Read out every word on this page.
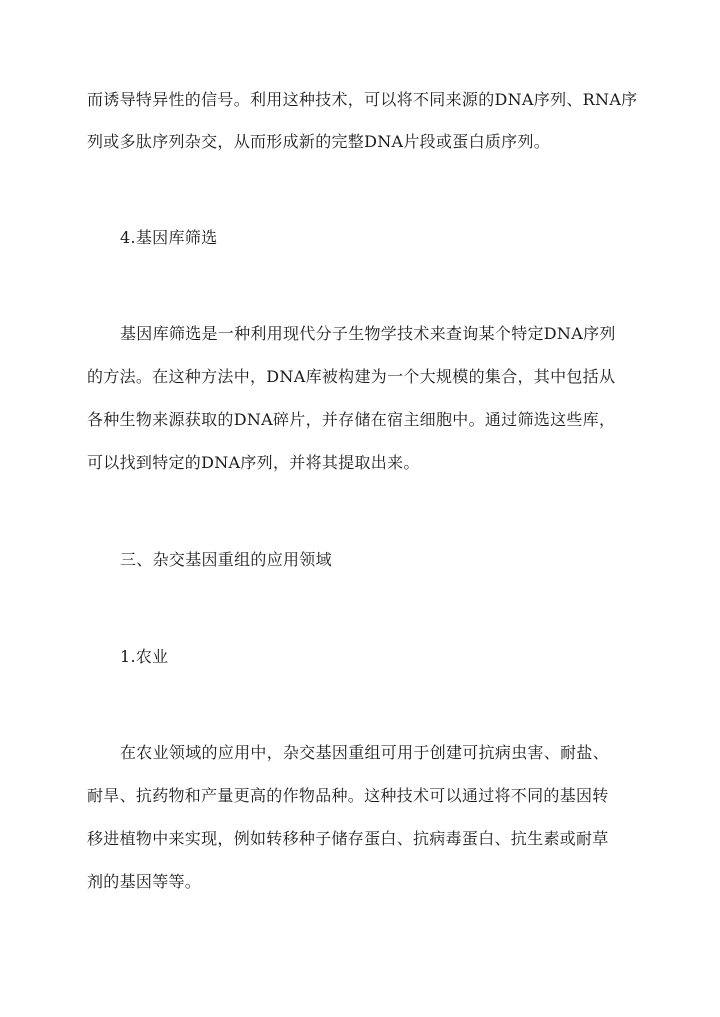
而诱导特异性的信号。利用这种技术，可以将不同来源的DNA序列、RNA序
列或多肽序列杂交，从而形成新的完整DNA片段或蛋白质序列。
4.基因库筛选
基因库筛选是一种利用现代分子生物学技术来查询某个特定DNA序列
的方法。在这种方法中，DNA库被构建为一个大规模的集合，其中包括从
各种生物来源获取的DNA碎片，并存储在宿主细胞中。通过筛选这些库，
可以找到特定的DNA序列，并将其提取出来。
三、杂交基因重组的应用领域
1.农业
在农业领域的应用中，杂交基因重组可用于创建可抗病虫害、耐盐、
耐旱、抗药物和产量更高的作物品种。这种技术可以通过将不同的基因转
移进植物中来实现，例如转移种子储存蛋白、抗病毒蛋白、抗生素或耐草
剂的基因等等。
